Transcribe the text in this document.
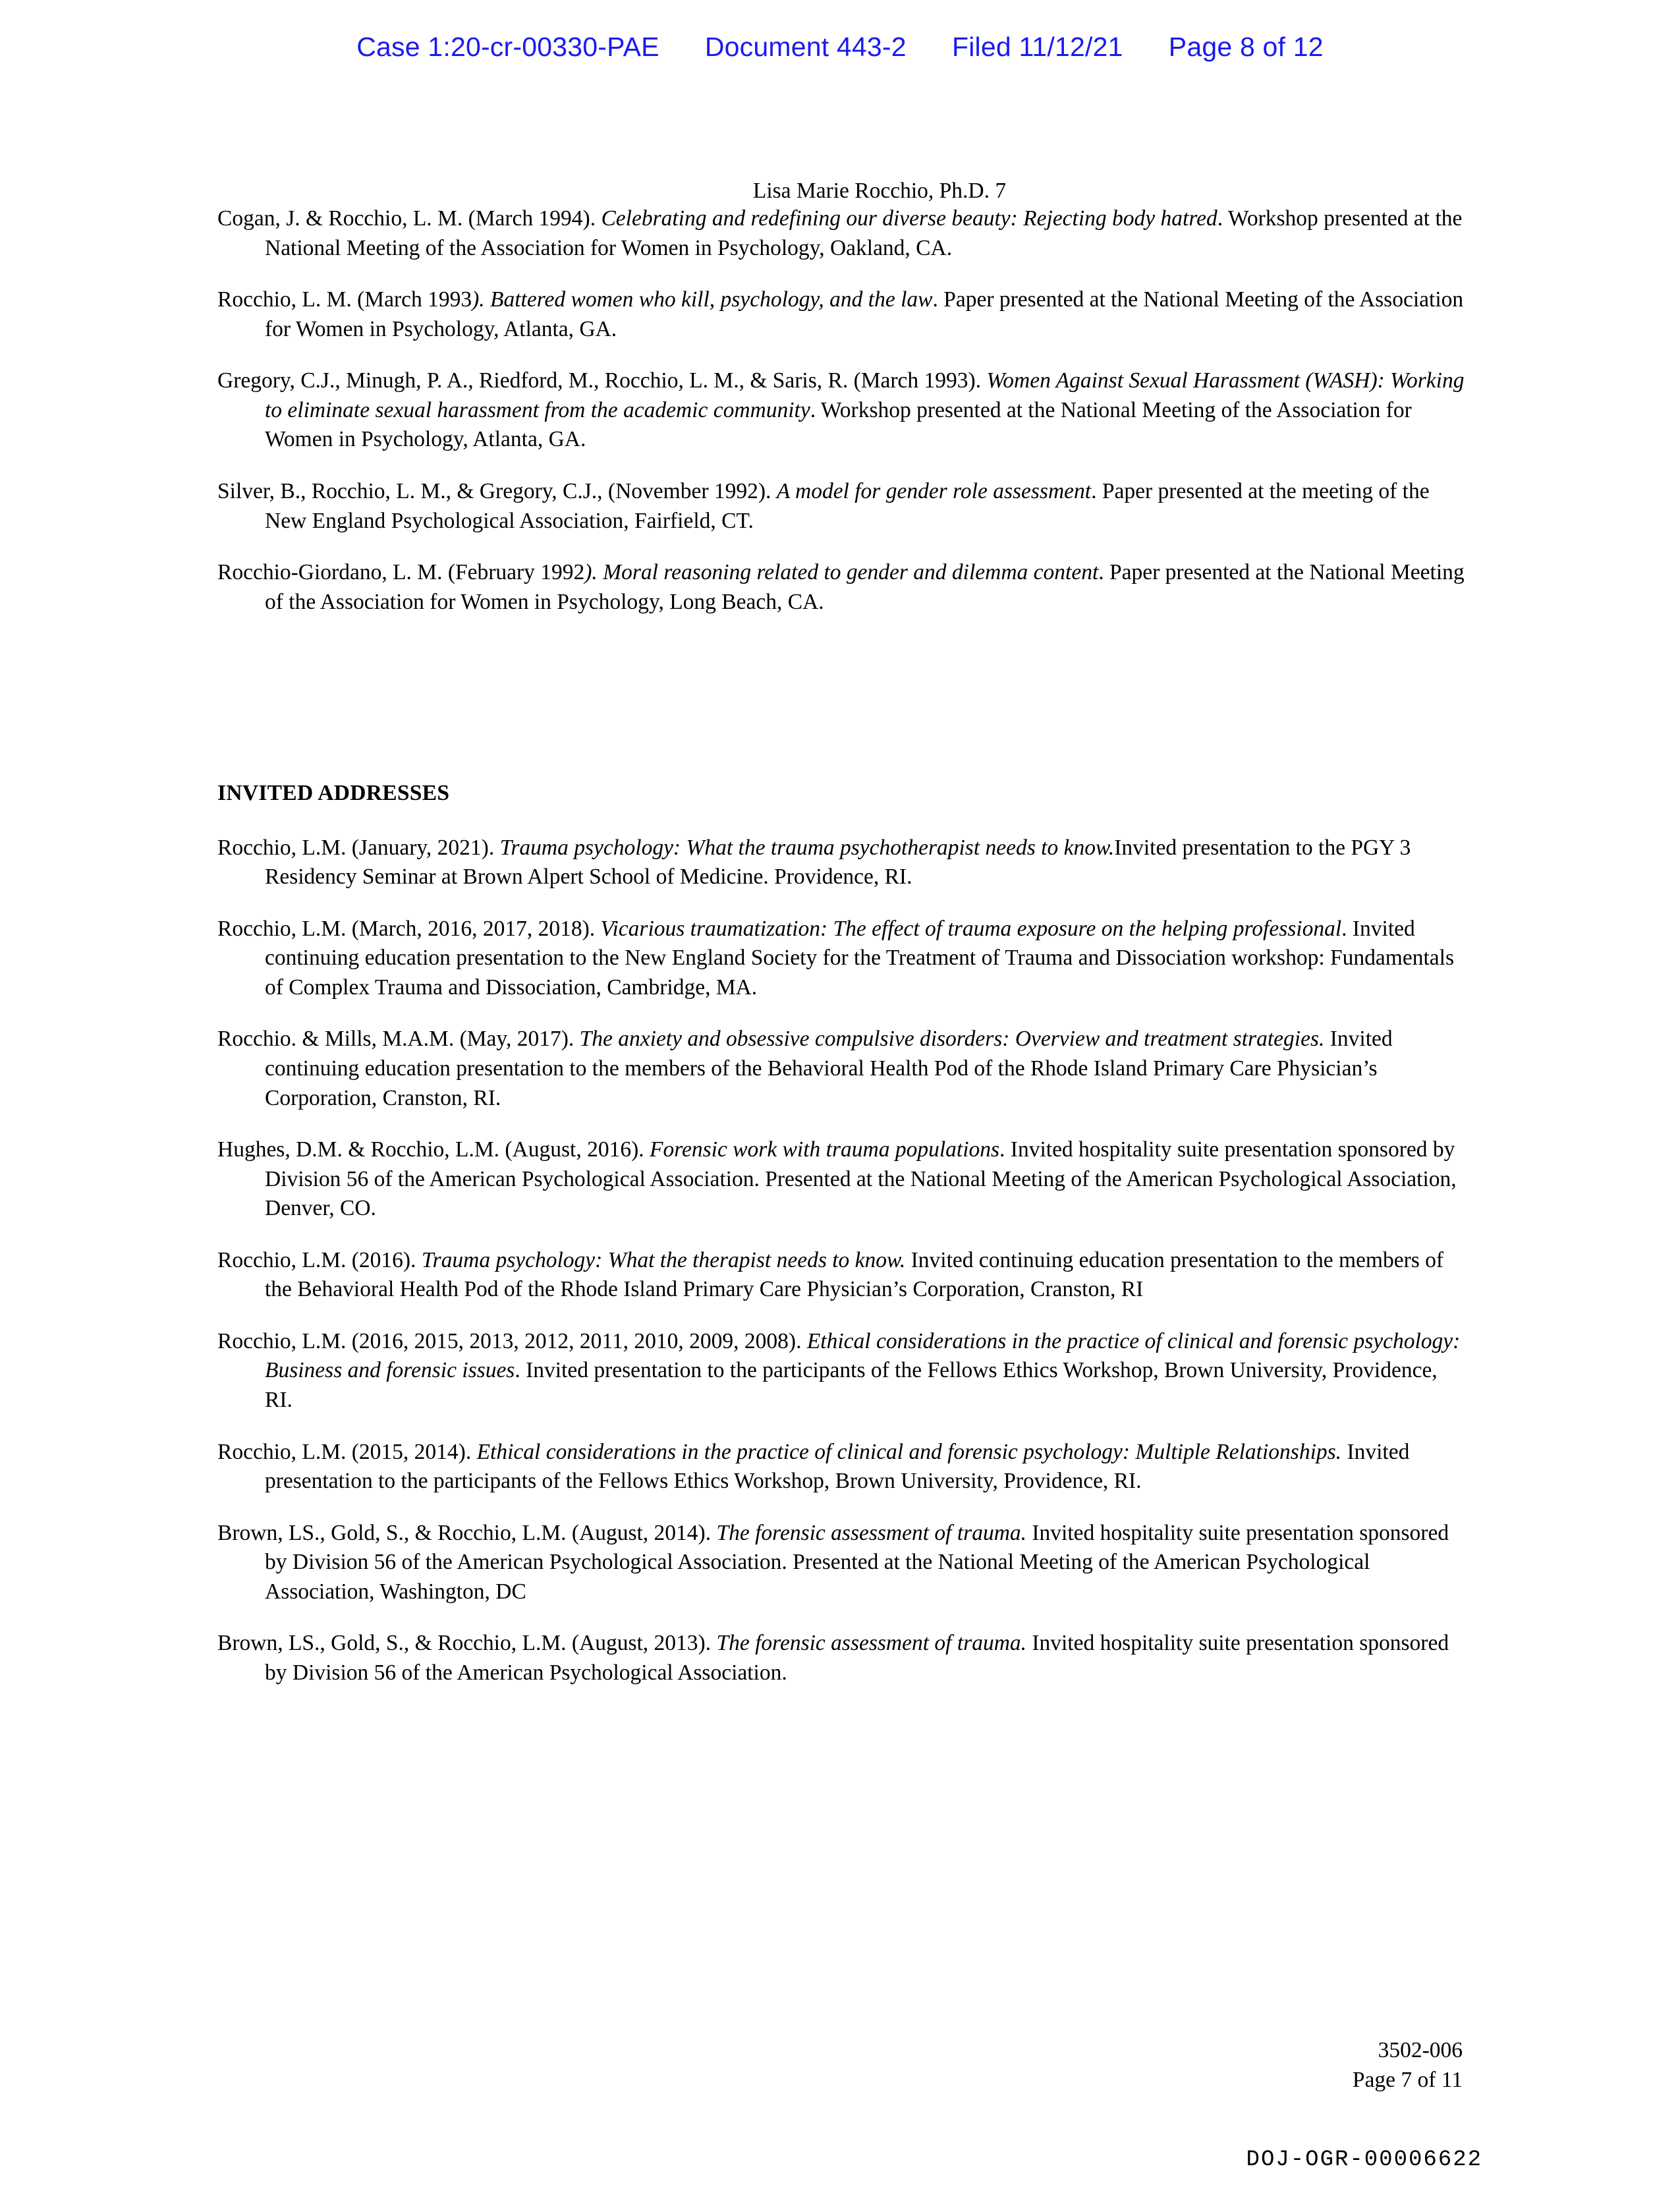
Case 1:20-cr-00330-PAE Document 443-2 Filed 11/12/21 Page 8 of 12
Lisa Marie Rocchio, Ph.D. 7

Cogan, J. & Rocchio, L. M. (March 1994). Celebrating and redefining our diverse beauty: Rejecting body hatred. Workshop presented at the National Meeting of the Association for Women in Psychology, Oakland, CA.

Rocchio, L. M. (March 1993). Battered women who kill, psychology, and the law. Paper presented at the National Meeting of the Association for Women in Psychology, Atlanta, GA.

Gregory, C.J., Minugh, P. A., Riedford, M., Rocchio, L. M., & Saris, R. (March 1993). Women Against Sexual Harassment (WASH): Working to eliminate sexual harassment from the academic community. Workshop presented at the National Meeting of the Association for Women in Psychology, Atlanta, GA.

Silver, B., Rocchio, L. M., & Gregory, C.J., (November 1992). A model for gender role assessment. Paper presented at the meeting of the New England Psychological Association, Fairfield, CT.

Rocchio-Giordano, L. M. (February 1992). Moral reasoning related to gender and dilemma content. Paper presented at the National Meeting of the Association for Women in Psychology, Long Beach, CA.

INVITED ADDRESSES

Rocchio, L.M. (January, 2021). Trauma psychology: What the trauma psychotherapist needs to know.Invited presentation to the PGY 3 Residency Seminar at Brown Alpert School of Medicine. Providence, RI.

Rocchio, L.M. (March, 2016, 2017, 2018). Vicarious traumatization: The effect of trauma exposure on the helping professional. Invited continuing education presentation to the New England Society for the Treatment of Trauma and Dissociation workshop: Fundamentals of Complex Trauma and Dissociation, Cambridge, MA.

Rocchio. & Mills, M.A.M. (May, 2017). The anxiety and obsessive compulsive disorders: Overview and treatment strategies. Invited continuing education presentation to the members of the Behavioral Health Pod of the Rhode Island Primary Care Physician’s Corporation, Cranston, RI.

Hughes, D.M. & Rocchio, L.M. (August, 2016). Forensic work with trauma populations. Invited hospitality suite presentation sponsored by Division 56 of the American Psychological Association. Presented at the National Meeting of the American Psychological Association, Denver, CO.

Rocchio, L.M. (2016). Trauma psychology: What the therapist needs to know. Invited continuing education presentation to the members of the Behavioral Health Pod of the Rhode Island Primary Care Physician’s Corporation, Cranston, RI

Rocchio, L.M. (2016, 2015, 2013, 2012, 2011, 2010, 2009, 2008). Ethical considerations in the practice of clinical and forensic psychology: Business and forensic issues. Invited presentation to the participants of the Fellows Ethics Workshop, Brown University, Providence, RI.

Rocchio, L.M. (2015, 2014). Ethical considerations in the practice of clinical and forensic psychology: Multiple Relationships. Invited presentation to the participants of the Fellows Ethics Workshop, Brown University, Providence, RI.

Brown, LS., Gold, S., & Rocchio, L.M. (August, 2014). The forensic assessment of trauma. Invited hospitality suite presentation sponsored by Division 56 of the American Psychological Association. Presented at the National Meeting of the American Psychological Association, Washington, DC

Brown, LS., Gold, S., & Rocchio, L.M. (August, 2013). The forensic assessment of trauma. Invited hospitality suite presentation sponsored by Division 56 of the American Psychological Association.

3502-006
Page 7 of 11
DOJ-OGR-00006622
